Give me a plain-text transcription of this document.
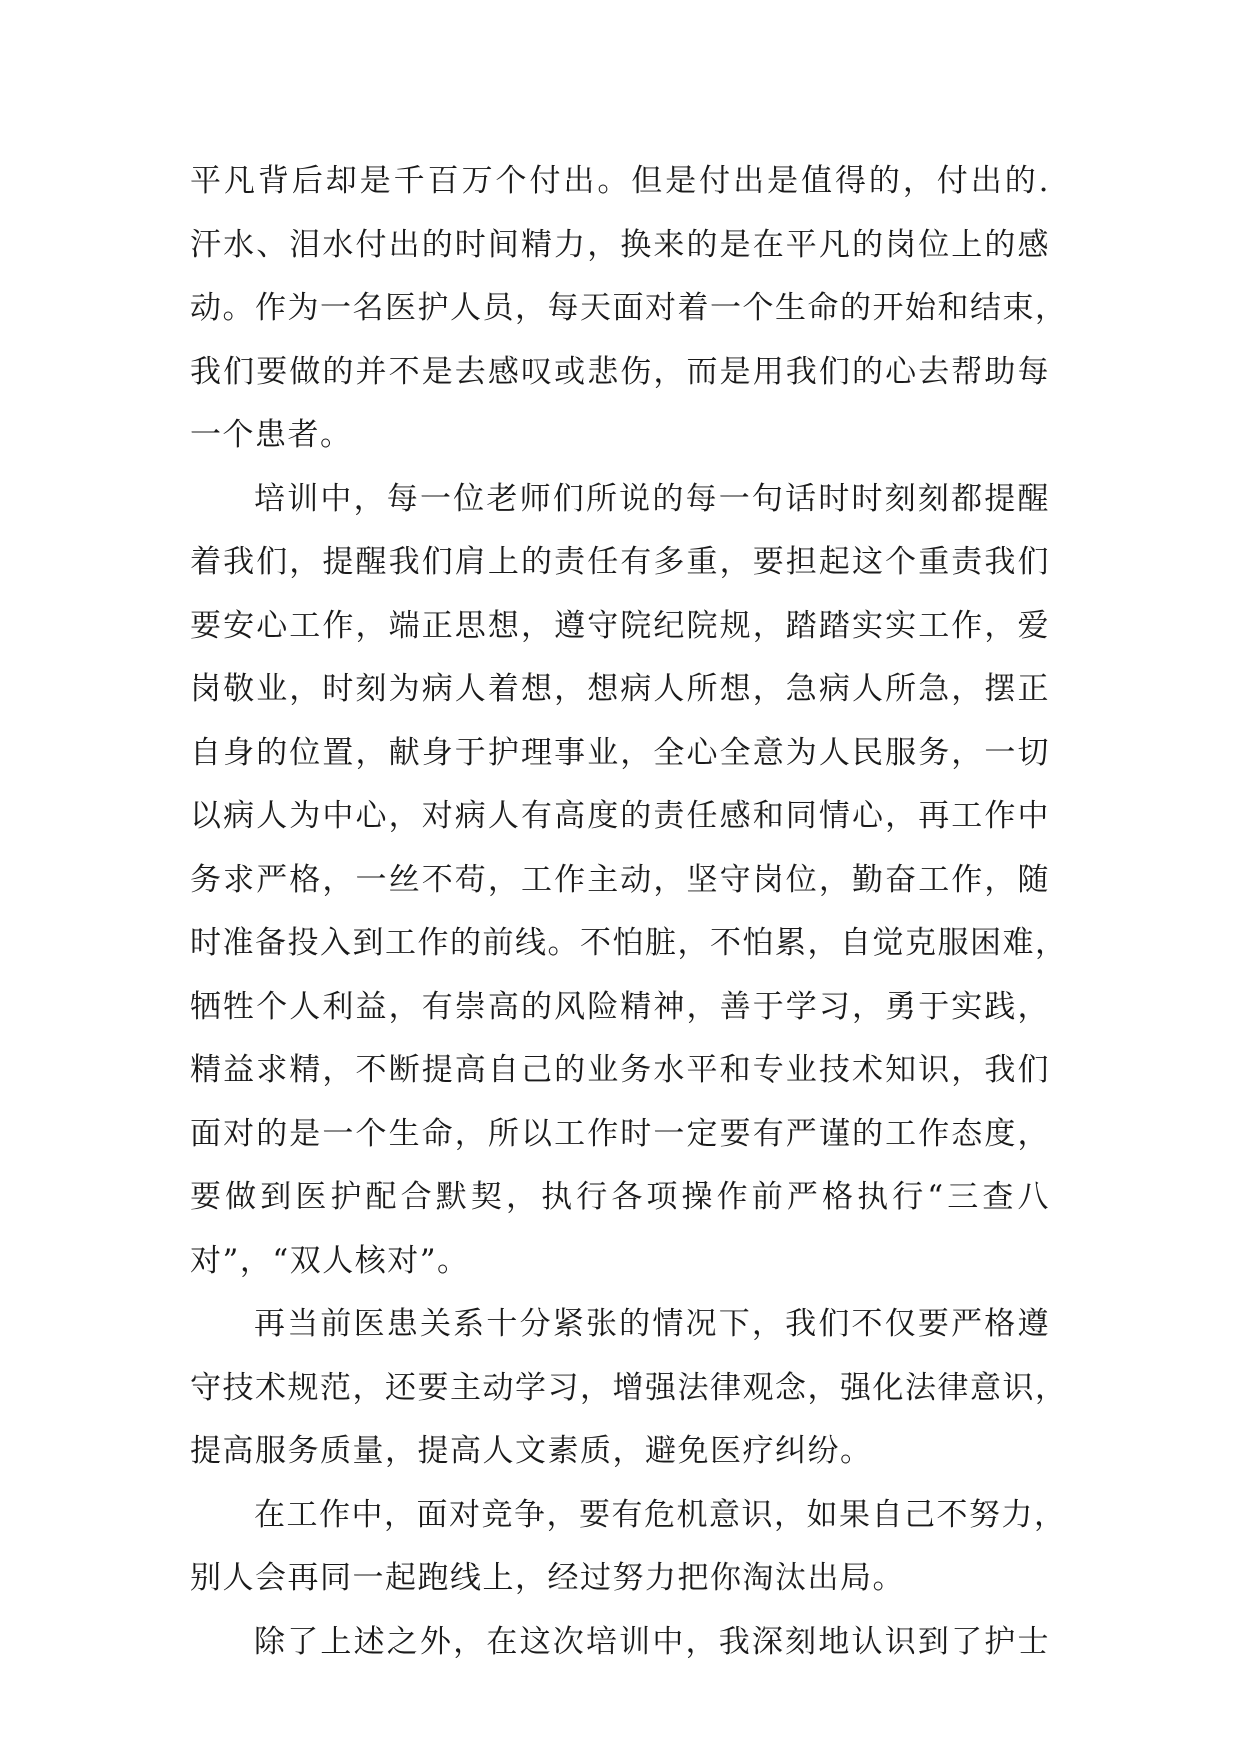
平凡背后却是千百万个付出。但是付出是值得的，付出的.
汗水、泪水付出的时间精力，换来的是在平凡的岗位上的感
动。作为一名医护人员，每天面对着一个生命的开始和结束，
我们要做的并不是去感叹或悲伤，而是用我们的心去帮助每
一个患者。
培训中，每一位老师们所说的每一句话时时刻刻都提醒
着我们，提醒我们肩上的责任有多重，要担起这个重责我们
要安心工作，端正思想，遵守院纪院规，踏踏实实工作，爱
岗敬业，时刻为病人着想，想病人所想，急病人所急，摆正
自身的位置，献身于护理事业，全心全意为人民服务，一切
以病人为中心，对病人有高度的责任感和同情心，再工作中
务求严格，一丝不苟，工作主动，坚守岗位，勤奋工作，随
时准备投入到工作的前线。不怕脏，不怕累，自觉克服困难，
牺牲个人利益，有崇高的风险精神，善于学习，勇于实践，
精益求精，不断提高自己的业务水平和专业技术知识，我们
面对的是一个生命，所以工作时一定要有严谨的工作态度，
要做到医护配合默契，执行各项操作前严格执行“三查八
对”，“双人核对”。
再当前医患关系十分紧张的情况下，我们不仅要严格遵
守技术规范，还要主动学习，增强法律观念，强化法律意识，
提高服务质量，提高人文素质，避免医疗纠纷。
在工作中，面对竞争，要有危机意识，如果自己不努力，
别人会再同一起跑线上，经过努力把你淘汰出局。
除了上述之外，在这次培训中，我深刻地认识到了护士
